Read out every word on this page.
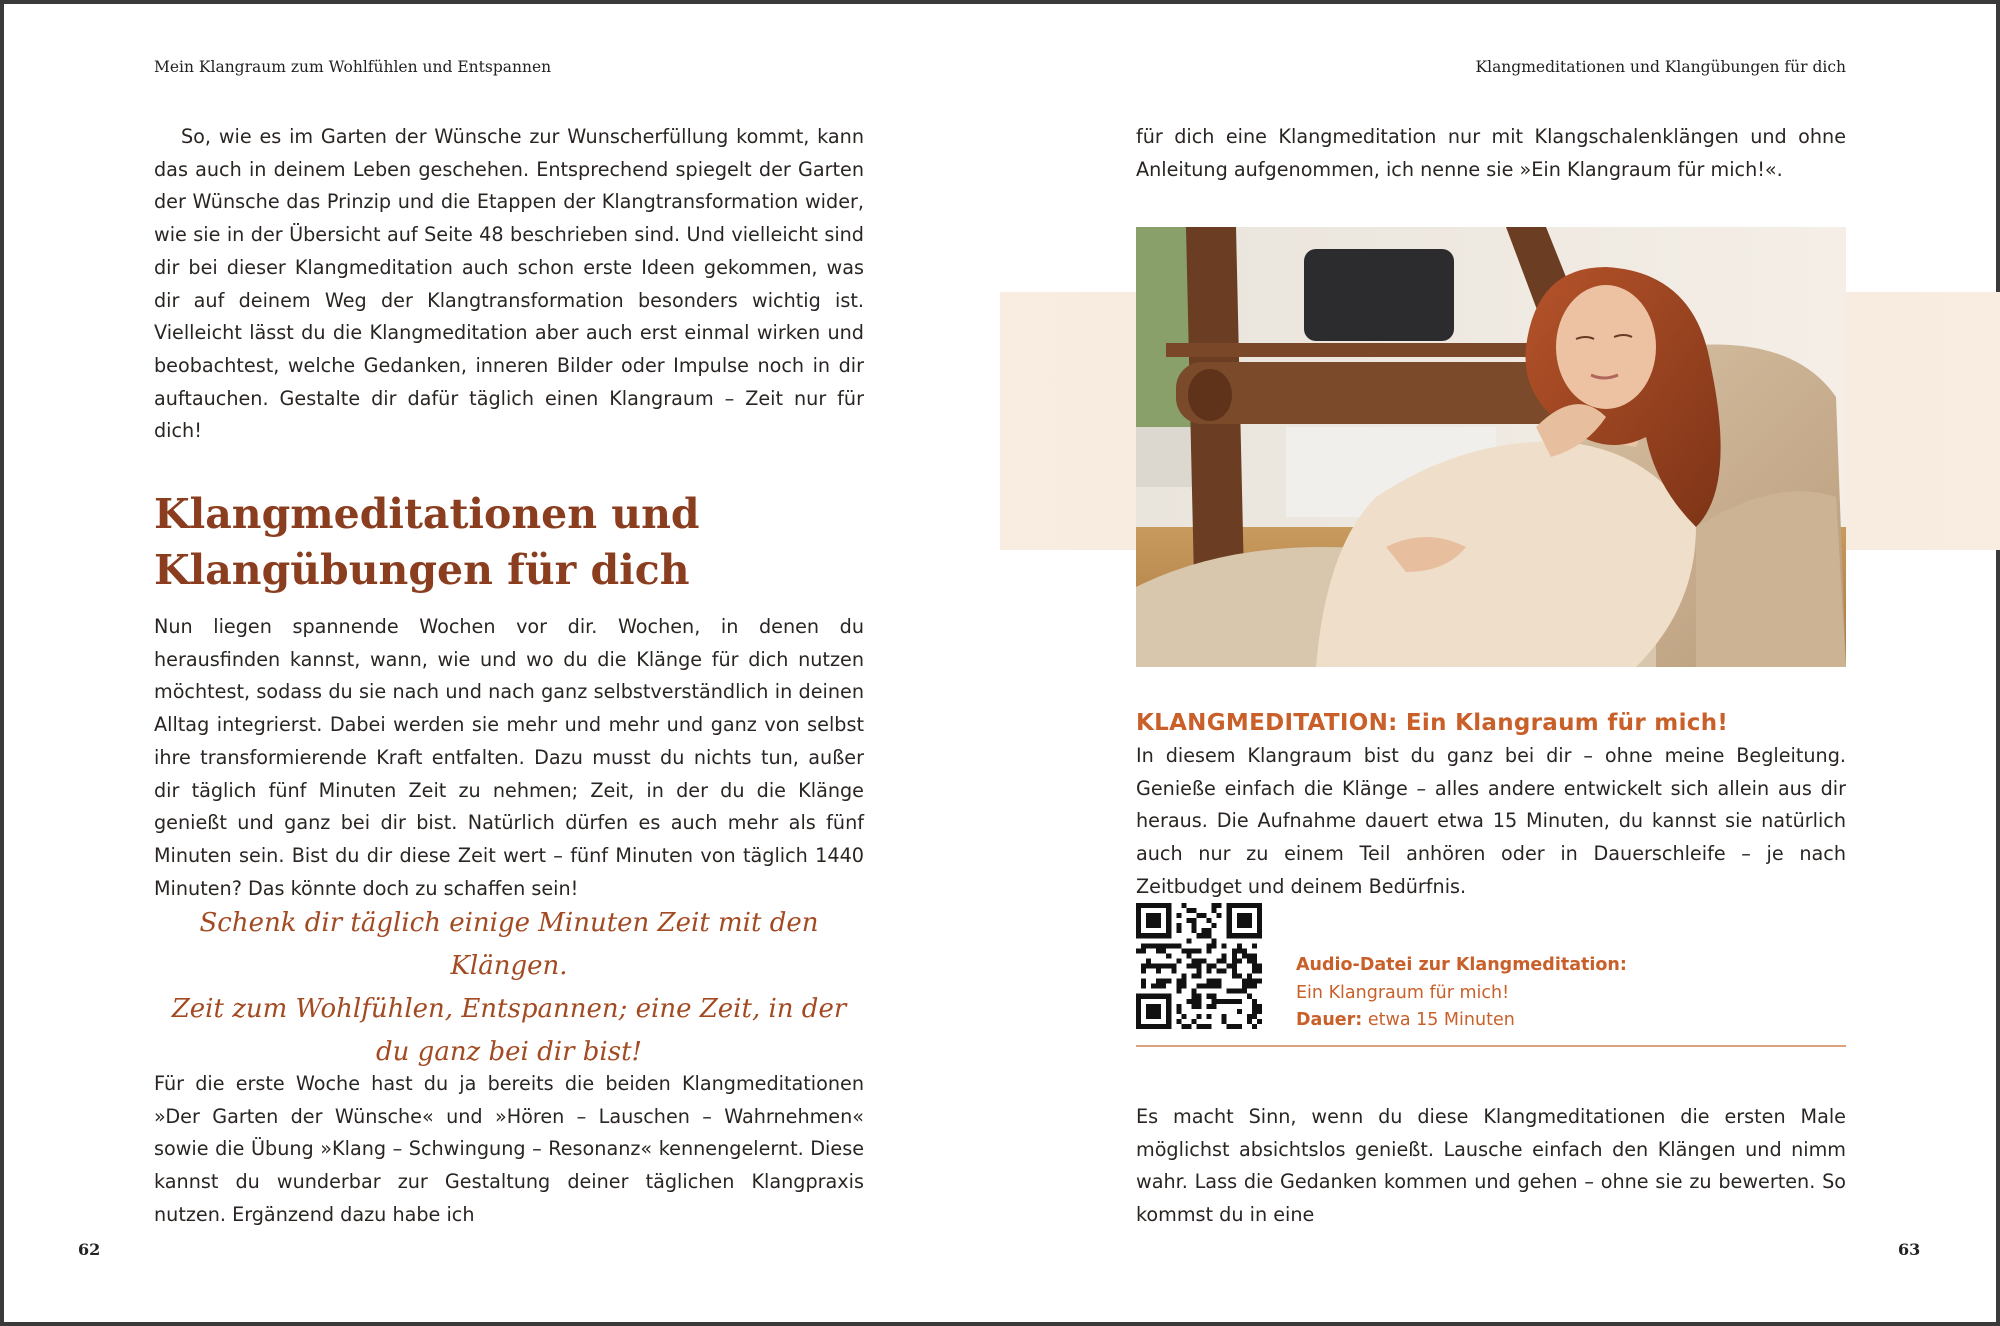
Mein Klangraum zum Wohlfühlen und Entspannen

So, wie es im Garten der Wünsche zur Wunscherfüllung kommt, kann das auch in deinem Leben geschehen. Entsprechend spiegelt der Garten der Wünsche das Prinzip und die Etappen der Klangtransformation wider, wie sie in der Übersicht auf Seite 48 beschrieben sind. Und vielleicht sind dir bei dieser Klangmeditation auch schon erste Ideen gekommen, was dir auf deinem Weg der Klangtransformation besonders wichtig ist. Vielleicht lässt du die Klangmeditation aber auch erst einmal wirken und beobachtest, welche Gedanken, inneren Bilder oder Impulse noch in dir auftauchen. Gestalte dir dafür täglich einen Klangraum – Zeit nur für dich!

Klangmeditationen und
Klangübungen für dich

Nun liegen spannende Wochen vor dir. Wochen, in denen du herausfinden kannst, wann, wie und wo du die Klänge für dich nutzen möchtest, sodass du sie nach und nach ganz selbstverständlich in deinen Alltag integrierst. Dabei werden sie mehr und mehr und ganz von selbst ihre transformierende Kraft entfalten. Dazu musst du nichts tun, außer dir täglich fünf Minuten Zeit zu nehmen; Zeit, in der du die Klänge genießt und ganz bei dir bist. Natürlich dürfen es auch mehr als fünf Minuten sein. Bist du dir diese Zeit wert – fünf Minuten von täglich 1440 Minuten? Das könnte doch zu schaffen sein!

Schenk dir täglich einige Minuten Zeit mit den Klängen.
Zeit zum Wohlfühlen, Entspannen; eine Zeit, in der
du ganz bei dir bist!

Für die erste Woche hast du ja bereits die beiden Klangmeditationen »Der Garten der Wünsche« und »Hören – Lauschen – Wahrnehmen« sowie die Übung »Klang – Schwingung – Resonanz« kennengelernt. Diese kannst du wunderbar zur Gestaltung deiner täglichen Klangpraxis nutzen. Ergänzend dazu habe ich

62
Klangmeditationen und Klangübungen für dich

für dich eine Klangmeditation nur mit Klangschalenklängen und ohne Anleitung aufgenommen, ich nenne sie »Ein Klangraum für mich!«.

KLANGMEDITATION: Ein Klangraum für mich!

In diesem Klangraum bist du ganz bei dir – ohne meine Begleitung. Genieße einfach die Klänge – alles andere entwickelt sich allein aus dir heraus. Die Aufnahme dauert etwa 15 Minuten, du kannst sie natürlich auch nur zu einem Teil anhören oder in Dauerschleife – je nach Zeitbudget und deinem Bedürfnis.

Audio-Datei zur Klangmeditation:
Ein Klangraum für mich!
Dauer: etwa 15 Minuten

Es macht Sinn, wenn du diese Klangmeditationen die ersten Male möglichst absichtslos genießt. Lausche einfach den Klängen und nimm wahr. Lass die Gedanken kommen und gehen – ohne sie zu bewerten. So kommst du in eine

63
